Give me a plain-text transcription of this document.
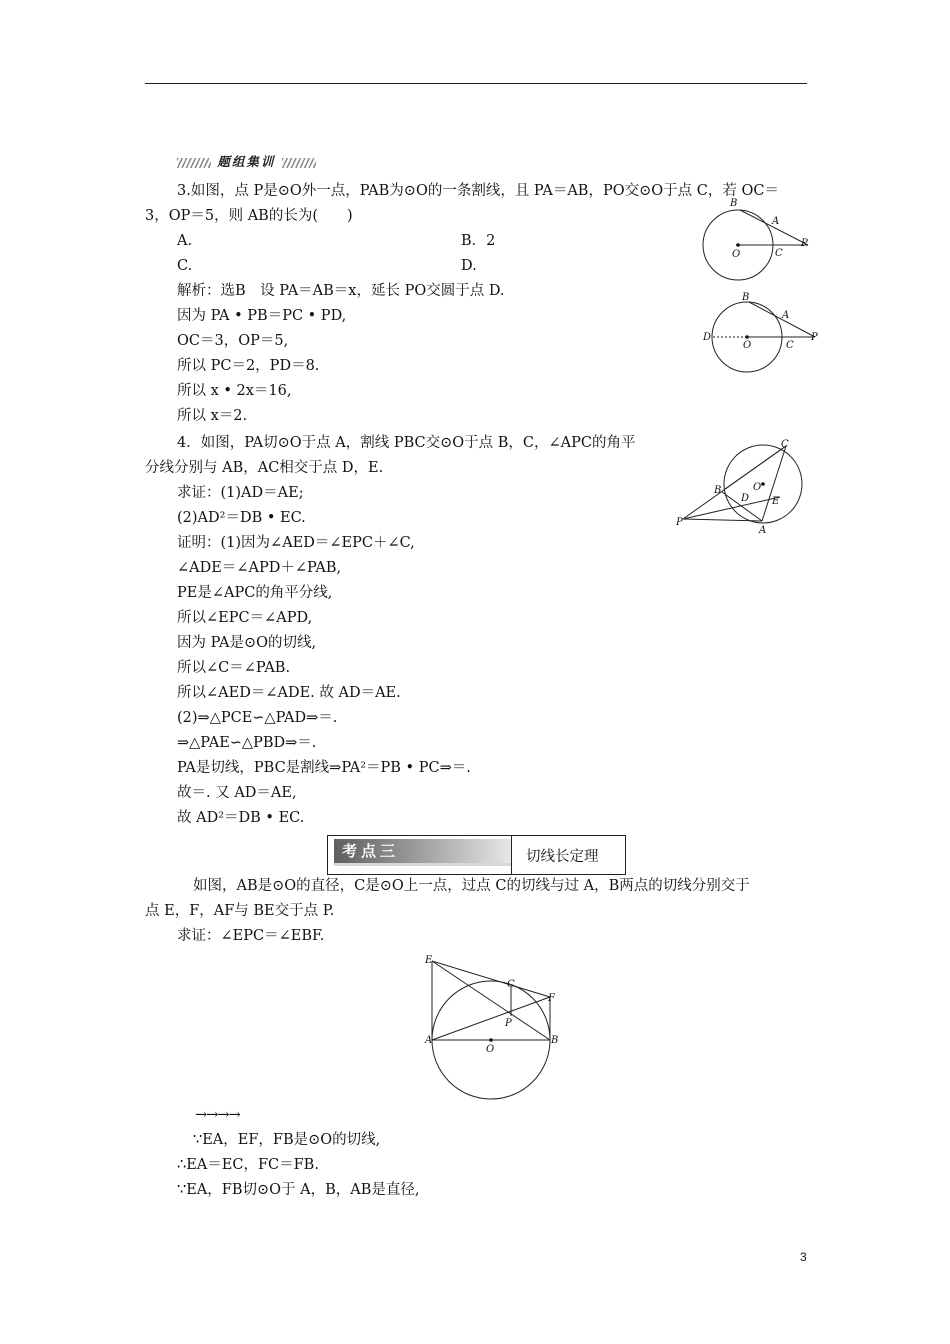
题组集训
3.如图，点 P是⊙O外一点，PAB为⊙O的一条割线，且 PA＝AB，PO交⊙O于点 C，若 OC＝
3，OP＝5，则 AB的长为(　　)
A.	B．2
C.	D.
解析：选B　设 PA＝AB＝x，延长 PO交圆于点 D.
因为 PA • PB＝PC • PD,
OC＝3，OP＝5,
所以 PC＝2，PD＝8.
所以 x • 2x＝16,
所以 x＝2.
4．如图，PA切⊙O于点 A，割线 PBC交⊙O于点 B，C，∠APC的角平
分线分别与 AB，AC相交于点 D，E.
求证：(1)AD＝AE;
(2)AD²＝DB • EC.
证明：(1)因为∠AED＝∠EPC＋∠C,
∠ADE＝∠APD＋∠PAB,
PE是∠APC的角平分线,
所以∠EPC＝∠APD,
因为 PA是⊙O的切线,
所以∠C＝∠PAB.
所以∠AED＝∠ADE. 故 AD＝AE.
(2)⇒△PCE∽△PAD⇒＝.
⇒△PAE∽△PBD⇒＝.
PA是切线，PBC是割线⇒PA²＝PB • PC⇒＝.
故＝. 又 AD＝AE,
故 AD²＝DB • EC.
考点三	切线长定理
如图，AB是⊙O的直径，C是⊙O上一点，过点 C的切线与过 A，B两点的切线分别交于
点 E，F，AF与 BE交于点 P.
求证：∠EPC＝∠EBF.
→→→→
∵EA，EF，FB是⊙O的切线,
∴EA＝EC，FC＝FB.
∵EA，FB切⊙O于 A，B，AB是直径,
3
B
A
O	C
P
B
A
D
O	C
P
C
O
B
D E
P
A
E
C
F
P
A
O
B
